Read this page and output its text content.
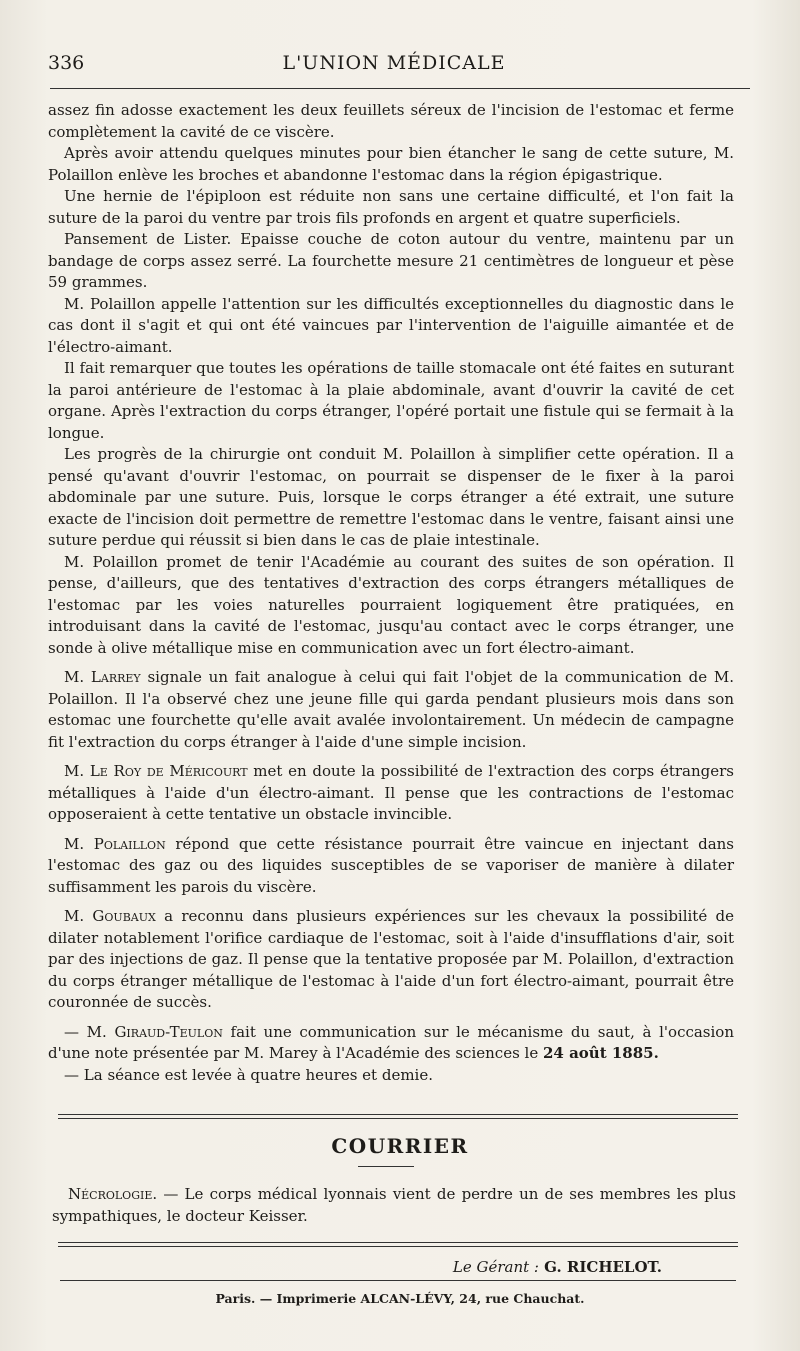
336	L'UNION MÉDICALE

assez fin adosse exactement les deux feuillets séreux de l'incision de l'estomac et ferme complètement la cavité de ce viscère.

Après avoir attendu quelques minutes pour bien étancher le sang de cette suture, M. Polaillon enlève les broches et abandonne l'estomac dans la région épigastrique.

Une hernie de l'épiploon est réduite non sans une certaine difficulté, et l'on fait la suture de la paroi du ventre par trois fils profonds en argent et quatre superficiels.

Pansement de Lister. Epaisse couche de coton autour du ventre, maintenu par un bandage de corps assez serré. La fourchette mesure 21 centimètres de longueur et pèse 59 grammes.

M. Polaillon appelle l'attention sur les difficultés exceptionnelles du diagnostic dans le cas dont il s'agit et qui ont été vaincues par l'intervention de l'aiguille aimantée et de l'électro-aimant.

Il fait remarquer que toutes les opérations de taille stomacale ont été faites en suturant la paroi antérieure de l'estomac à la plaie abdominale, avant d'ouvrir la cavité de cet organe. Après l'extraction du corps étranger, l'opéré portait une fistule qui se fermait à la longue.

Les progrès de la chirurgie ont conduit M. Polaillon à simplifier cette opération. Il a pensé qu'avant d'ouvrir l'estomac, on pourrait se dispenser de le fixer à la paroi abdominale par une suture. Puis, lorsque le corps étranger a été extrait, une suture exacte de l'incision doit permettre de remettre l'estomac dans le ventre, faisant ainsi une suture perdue qui réussit si bien dans le cas de plaie intestinale.

M. Polaillon promet de tenir l'Académie au courant des suites de son opération. Il pense, d'ailleurs, que des tentatives d'extraction des corps étrangers métalliques de l'estomac par les voies naturelles pourraient logiquement être pratiquées, en introduisant dans la cavité de l'estomac, jusqu'au contact avec le corps étranger, une sonde à olive métallique mise en communication avec un fort électro-aimant.

M. Larrey signale un fait analogue à celui qui fait l'objet de la communication de M. Polaillon. Il l'a observé chez une jeune fille qui garda pendant plusieurs mois dans son estomac une fourchette qu'elle avait avalée involontairement. Un médecin de campagne fit l'extraction du corps étranger à l'aide d'une simple incision.

M. Le Roy de Méricourt met en doute la possibilité de l'extraction des corps étrangers métalliques à l'aide d'un électro-aimant. Il pense que les contractions de l'estomac opposeraient à cette tentative un obstacle invincible.

M. Polaillon répond que cette résistance pourrait être vaincue en injectant dans l'estomac des gaz ou des liquides susceptibles de se vaporiser de manière à dilater suffisamment les parois du viscère.

M. Goubaux a reconnu dans plusieurs expériences sur les chevaux la possibilité de dilater notablement l'orifice cardiaque de l'estomac, soit à l'aide d'insufflations d'air, soit par des injections de gaz. Il pense que la tentative proposée par M. Polaillon, d'extraction du corps étranger métallique de l'estomac à l'aide d'un fort électro-aimant, pourrait être couronnée de succès.

— M. Giraud-Teulon fait une communication sur le mécanisme du saut, à l'occasion d'une note présentée par M. Marey à l'Académie des sciences le 24 août 1885.

— La séance est levée à quatre heures et demie.

COURRIER

Nécrologie. — Le corps médical lyonnais vient de perdre un de ses membres les plus sympathiques, le docteur Keisser.

Le Gérant : G. RICHELOT.
Paris. — Imprimerie ALCAN-LÉVY, 24, rue Chauchat.
